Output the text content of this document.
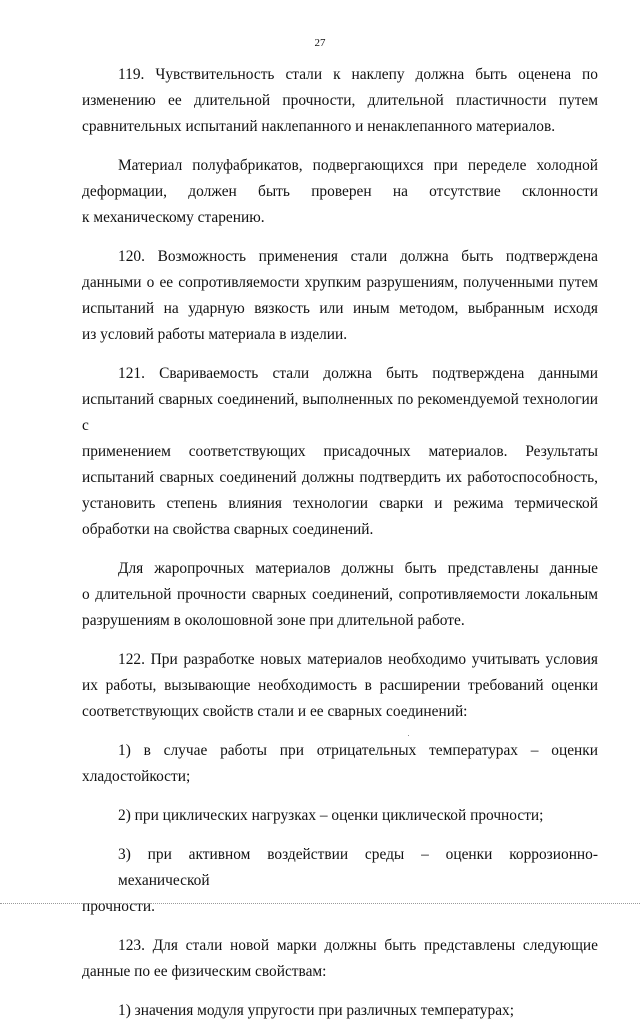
27

119. Чувствительность стали к наклепу должна быть оценена по
изменению ее длительной прочности, длительной пластичности путем
сравнительных испытаний наклепанного и ненаклепанного материалов.

Материал полуфабрикатов, подвергающихся при переделе холодной
деформации, должен быть проверен на отсутствие склонности
к механическому старению.

120. Возможность применения стали должна быть подтверждена
данными о ее сопротивляемости хрупким разрушениям, полученными путем
испытаний на ударную вязкость или иным методом, выбранным исходя
из условий работы материала в изделии.

121. Свариваемость стали должна быть подтверждена данными
испытаний сварных соединений, выполненных по рекомендуемой технологии с
применением соответствующих присадочных материалов. Результаты
испытаний сварных соединений должны подтвердить их работоспособность,
установить степень влияния технологии сварки и режима термической
обработки на свойства сварных соединений.

Для жаропрочных материалов должны быть представлены данные
о длительной прочности сварных соединений, сопротивляемости локальным
разрушениям в околошовной зоне при длительной работе.

122. При разработке новых материалов необходимо учитывать условия
их работы, вызывающие необходимость в расширении требований оценки
соответствующих свойств стали и ее сварных соединений:

1) в случае работы при отрицательных температурах – оценки
хладостойкости;

2) при циклических нагрузках – оценки циклической прочности;

3) при активном воздействии среды – оценки коррозионно-механической
прочности.

123. Для стали новой марки должны быть представлены следующие
данные по ее физическим свойствам:

1) значения модуля упругости при различных температурах;
